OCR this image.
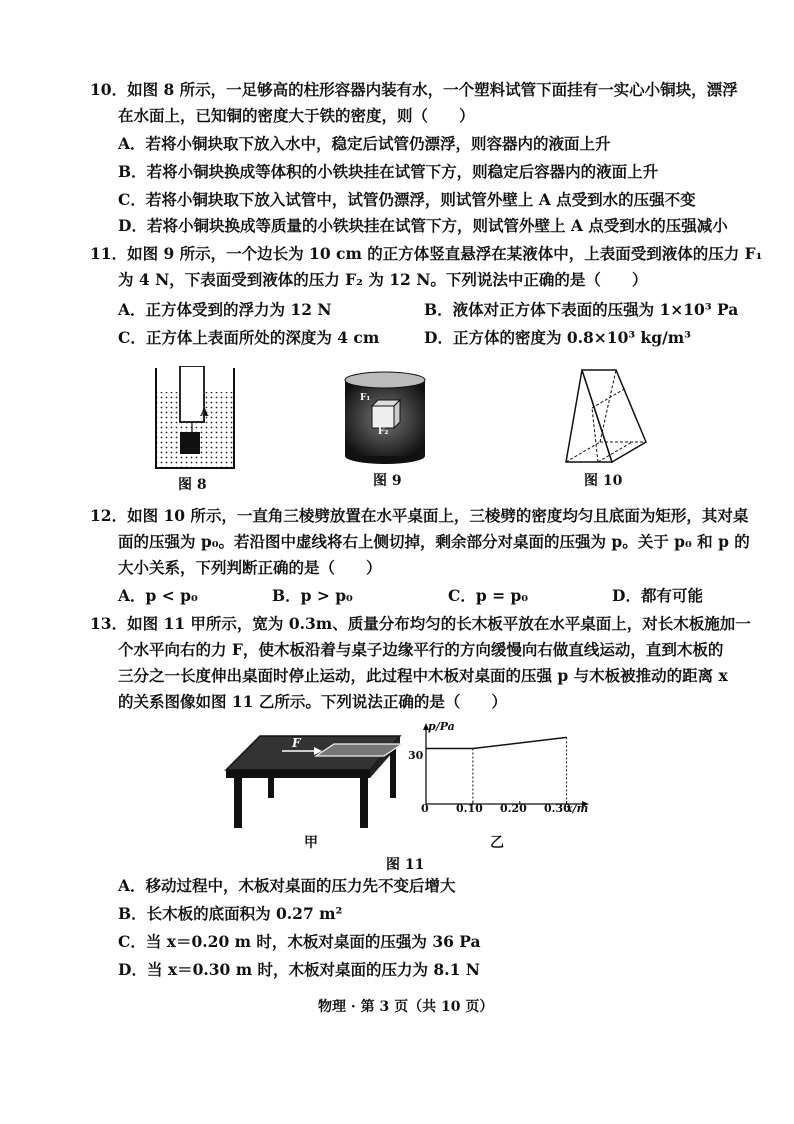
10．如图 8 所示，一足够高的柱形容器内装有水，一个塑料试管下面挂有一实心小铜块，漂浮
在水面上，已知铜的密度大于铁的密度，则（　　）
A．若将小铜块取下放入水中，稳定后试管仍漂浮，则容器内的液面上升
B．若将小铜块换成等体积的小铁块挂在试管下方，则稳定后容器内的液面上升
C．若将小铜块取下放入试管中，试管仍漂浮，则试管外壁上 A 点受到水的压强不变
D．若将小铜块换成等质量的小铁块挂在试管下方，则试管外壁上 A 点受到水的压强减小
11．如图 9 所示，一个边长为 10 cm 的正方体竖直悬浮在某液体中，上表面受到液体的压力 F₁
为 4 N，下表面受到液体的压力 F₂ 为 12 N。下列说法中正确的是（　　）
A．正方体受到的浮力为 12 N	B．液体对正方体下表面的压强为 1×10³ Pa
C．正方体上表面所处的深度为 4 cm	D．正方体的密度为 0.8×10³ kg/m³
A
图 8
F₁
F₂
图 9	图 10
12．如图 10 所示，一直角三棱劈放置在水平桌面上，三棱劈的密度均匀且底面为矩形，其对桌
面的压强为 p₀。若沿图中虚线将右上侧切掉，剩余部分对桌面的压强为 p。关于 p₀ 和 p 的
大小关系，下列判断正确的是（　　）
A．p < p₀	B．p > p₀	C．p = p₀	D．都有可能
13．如图 11 甲所示，宽为 0.3m、质量分布均匀的长木板平放在水平桌面上，对长木板施加一
个水平向右的力 F，使木板沿着与桌子边缘平行的方向缓慢向右做直线运动，直到木板的
三分之一长度伸出桌面时停止运动，此过程中木板对桌面的压强 p 与木板被推动的距离 x
的关系图像如图 11 乙所示。下列说法正确的是（　　）
F
甲
p/Pa
30
0 0.10 0.20 0.30
x/m
乙
图 11
A．移动过程中，木板对桌面的压力先不变后增大
B．长木板的底面积为 0.27 m²
C．当 x＝0.20 m 时，木板对桌面的压强为 36 Pa
D．当 x＝0.30 m 时，木板对桌面的压力为 8.1 N
物理 · 第 3 页（共 10 页）
